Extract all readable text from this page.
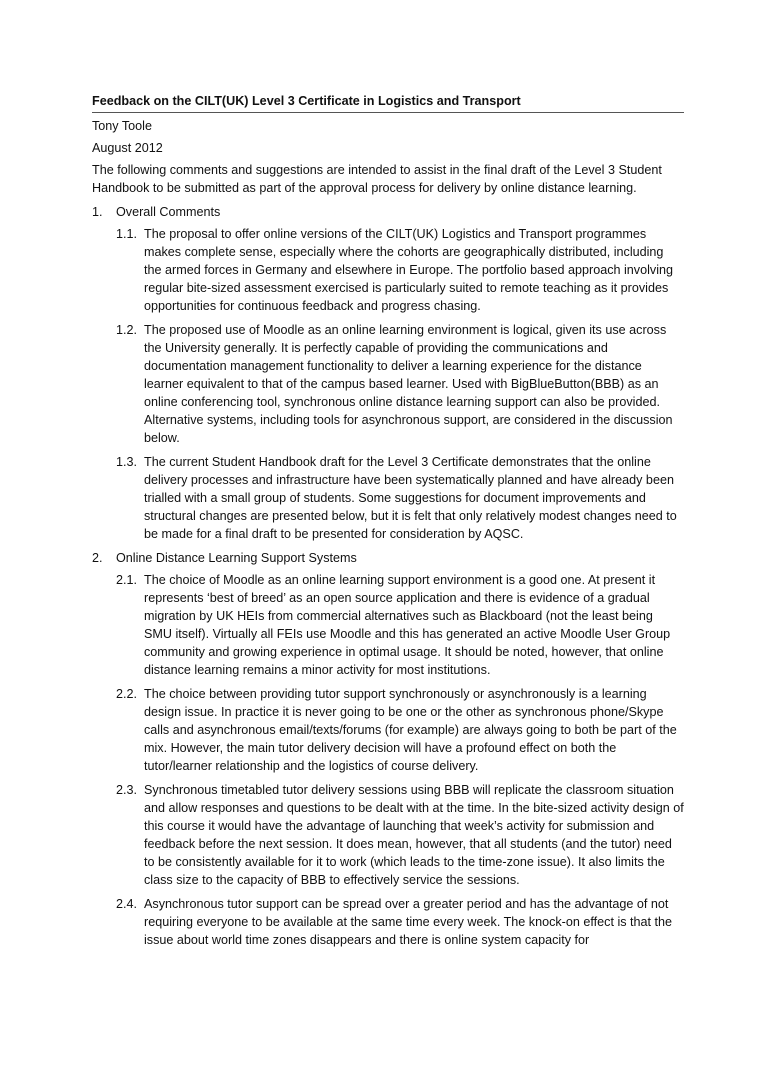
Feedback on the CILT(UK) Level 3 Certificate in Logistics and Transport
Tony Toole
August 2012
The following comments and suggestions are intended to assist in the final draft of the Level 3 Student Handbook to be submitted as part of the approval process for delivery by online distance learning.
1.	Overall Comments
1.1. The proposal to offer online versions of the CILT(UK) Logistics and Transport programmes makes complete sense, especially where the cohorts are geographically distributed, including the armed forces in Germany and elsewhere in Europe. The portfolio based approach involving regular bite-sized assessment exercised is particularly suited to remote teaching as it provides opportunities for continuous feedback and progress chasing.
1.2. The proposed use of Moodle as an online learning environment is logical, given its use across the University generally. It is perfectly capable of providing the communications and documentation management functionality to deliver a learning experience for the distance learner equivalent to that of the campus based learner. Used with BigBlueButton(BBB) as an online conferencing tool, synchronous online distance learning support can also be provided. Alternative systems, including tools for asynchronous support, are considered in the discussion below.
1.3. The current Student Handbook draft for the Level 3 Certificate demonstrates that the online delivery processes and infrastructure have been systematically planned and have already been trialled with a small group of students. Some suggestions for document improvements and structural changes are presented below, but it is felt that only relatively modest changes need to be made for a final draft to be presented for consideration by AQSC.
2.	Online Distance Learning Support Systems
2.1. The choice of Moodle as an online learning support environment is a good one. At present it represents ‘best of breed’ as an open source application and there is evidence of a gradual migration by UK HEIs from commercial alternatives such as Blackboard (not the least being SMU itself). Virtually all FEIs use Moodle and this has generated an active Moodle User Group community and growing experience in optimal usage. It should be noted, however, that online distance learning remains a minor activity for most institutions.
2.2. The choice between providing tutor support synchronously or asynchronously is a learning design issue. In practice it is never going to be one or the other as synchronous phone/Skype calls and asynchronous email/texts/forums (for example) are always going to both be part of the mix. However, the main tutor delivery decision will have a profound effect on both the tutor/learner relationship and the logistics of course delivery.
2.3. Synchronous timetabled tutor delivery sessions using BBB will replicate the classroom situation and allow responses and questions to be dealt with at the time. In the bite-sized activity design of this course it would have the advantage of launching that week’s activity for submission and feedback before the next session. It does mean, however, that all students (and the tutor) need to be consistently available for it to work (which leads to the time-zone issue). It also limits the class size to the capacity of BBB to effectively service the sessions.
2.4. Asynchronous tutor support can be spread over a greater period and has the advantage of not requiring everyone to be available at the same time every week. The knock-on effect is that the issue about world time zones disappears and there is online system capacity for
